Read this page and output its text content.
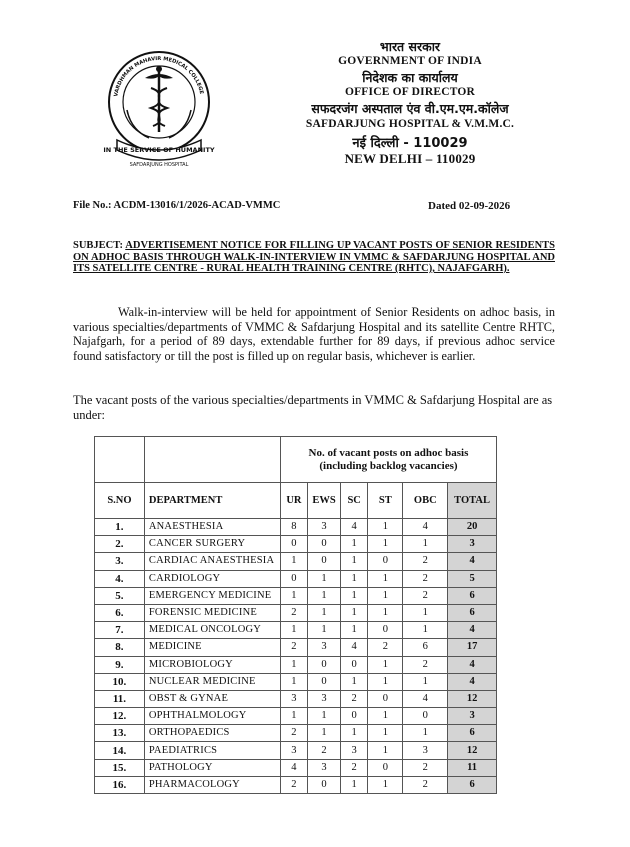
VARDHMAN MAHAVIR MEDICAL COLLEGE
IN THE SERVICE OF HUMANITY
SAFDARJUNG HOSPITAL
भारत सरकार
GOVERNMENT OF INDIA
निदेशक का कार्यालय
OFFICE OF DIRECTOR
सफदरजंग अस्पताल एंव वी.एम.एम.कॉलेज
SAFDARJUNG HOSPITAL & V.M.M.C.
नई दिल्ली - 110029
NEW DELHI – 110029
File No.: ACDM-13016/1/2026-ACAD-VMMC	Dated 02-09-2026
SUBJECT: ADVERTISEMENT NOTICE FOR FILLING UP VACANT POSTS OF SENIOR RESIDENTS ON ADHOC BASIS THROUGH WALK-IN-INTERVIEW IN VMMC & SAFDARJUNG HOSPITAL AND ITS SATELLITE CENTRE - RURAL HEALTH TRAINING CENTRE (RHTC), NAJAFGARH).
Walk-in-interview will be held for appointment of Senior Residents on adhoc basis, in various specialties/departments of VMMC & Safdarjung Hospital and its satellite Centre RHTC, Najafgarh, for a period of 89 days, extendable further for 89 days, if previous adhoc service found satisfactory or till the post is filled up on regular basis, whichever is earlier.
The vacant posts of the various specialties/departments in VMMC & Safdarjung Hospital are as under:
		No. of vacant posts on adhoc basis (including backlog vacancies)					
S.NO	DEPARTMENT	UR	EWS	SC	ST	OBC	TOTAL
1.	ANAESTHESIA	8	3	4	1	4	20
2.	CANCER SURGERY	0	0	1	1	1	3
3.	CARDIAC ANAESTHESIA	1	0	1	0	2	4
4.	CARDIOLOGY	0	1	1	1	2	5
5.	EMERGENCY MEDICINE	1	1	1	1	2	6
6.	FORENSIC MEDICINE	2	1	1	1	1	6
7.	MEDICAL ONCOLOGY	1	1	1	0	1	4
8.	MEDICINE	2	3	4	2	6	17
9.	MICROBIOLOGY	1	0	0	1	2	4
10.	NUCLEAR MEDICINE	1	0	1	1	1	4
11.	OBST & GYNAE	3	3	2	0	4	12
12.	OPHTHALMOLOGY	1	1	0	1	0	3
13.	ORTHOPAEDICS	2	1	1	1	1	6
14.	PAEDIATRICS	3	2	3	1	3	12
15.	PATHOLOGY	4	3	2	0	2	11
16.	PHARMACOLOGY	2	0	1	1	2	6
